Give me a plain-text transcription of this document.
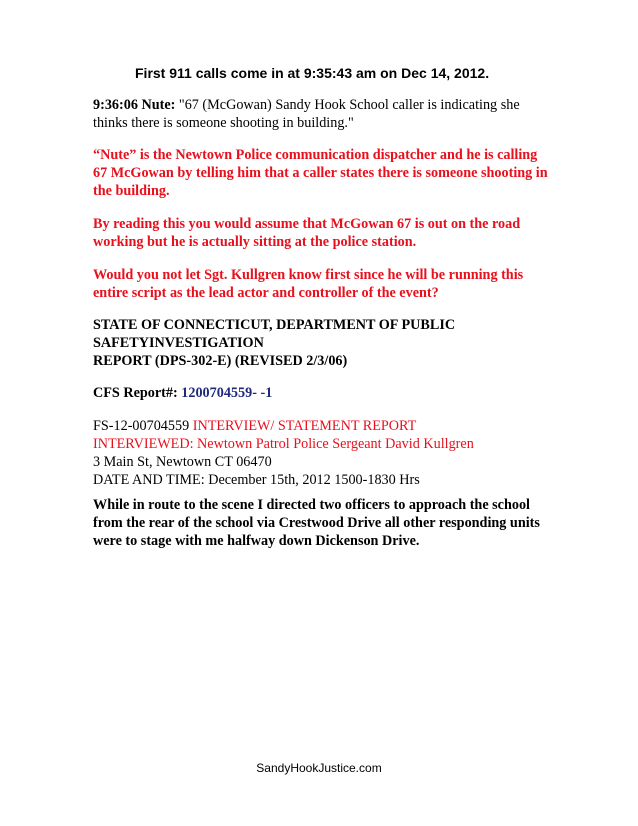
First 911 calls come in at 9:35:43 am on Dec 14, 2012.
9:36:06 Nute: "67 (McGowan) Sandy Hook School caller is indicating she thinks there is someone shooting in building."
“Nute” is the Newtown Police communication dispatcher and he is calling 67 McGowan by telling him that a caller states there is someone shooting in the building.
By reading this you would assume that McGowan 67 is out on the road working but he is actually sitting at the police station.
Would you not let Sgt. Kullgren know first since he will be running this entire script as the lead actor and controller of the event?
STATE OF CONNECTICUT, DEPARTMENT OF PUBLIC
SAFETYINVESTIGATION
REPORT (DPS-302-E) (REVISED 2/3/06)
CFS Report#: 1200704559- -1
FS-12-00704559 INTERVIEW/ STATEMENT REPORT
INTERVIEWED: Newtown Patrol Police Sergeant David Kullgren
3 Main St, Newtown CT 06470
DATE AND TIME: December 15th, 2012 1500-1830 Hrs
While in route to the scene I directed two officers to approach the school from the rear of the school via Crestwood Drive all other responding units were to stage with me halfway down Dickenson Drive.
SandyHookJustice.com
